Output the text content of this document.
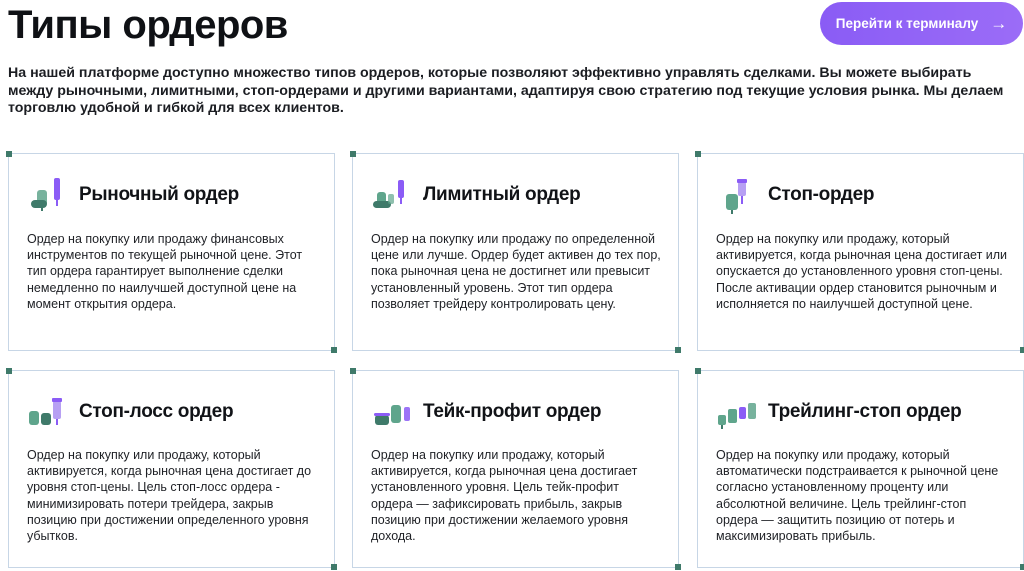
Типы ордеров	Перейти к терминалу →

На нашей платформе доступно множество типов ордеров, которые позволяют эффективно управлять сделками. Вы можете выбирать между рыночными, лимитными, стоп-ордерами и другими вариантами, адаптируя свою стратегию под текущие условия рынка. Мы делаем торговлю удобной и гибкой для всех клиентов.

Рыночный ордер

Ордер на покупку или продажу финансовых инструментов по текущей рыночной цене. Этот тип ордера гарантирует выполнение сделки немедленно по наилучшей доступной цене на момент открытия ордера.

Лимитный ордер

Ордер на покупку или продажу по определенной цене или лучше. Ордер будет активен до тех пор, пока рыночная цена не достигнет или превысит установленный уровень. Этот тип ордера позволяет трейдеру контролировать цену.

Стоп-ордер

Ордер на покупку или продажу, который активируется, когда рыночная цена достигает или опускается до установленного уровня стоп-цены. После активации ордер становится рыночным и исполняется по наилучшей доступной цене.

Стоп-лосс ордер

Ордер на покупку или продажу, который активируется, когда рыночная цена достигает до уровня стоп-цены. Цель стоп-лосс ордера - минимизировать потери трейдера, закрыв позицию при достижении определенного уровня убытков.

Тейк-профит ордер

Ордер на покупку или продажу, который активируется, когда рыночная цена достигает установленного уровня. Цель тейк-профит ордера — зафиксировать прибыль, закрыв позицию при достижении желаемого уровня дохода.

Трейлинг-стоп ордер

Ордер на покупку или продажу, который автоматически подстраивается к рыночной цене согласно установленному проценту или абсолютной величине. Цель трейлинг-стоп ордера — защитить позицию от потерь и максимизировать прибыль.
